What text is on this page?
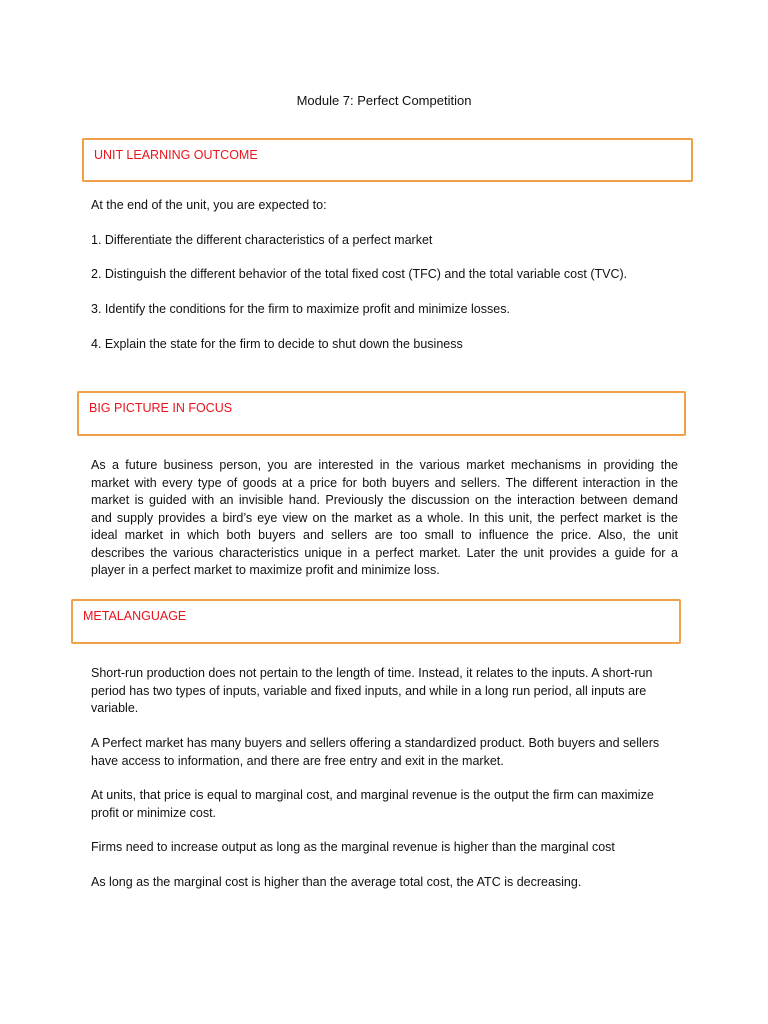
Module 7: Perfect Competition
UNIT LEARNING OUTCOME
At the end of the unit, you are expected to:
1. Differentiate the different characteristics of a perfect market
2. Distinguish the different behavior of the total fixed cost (TFC) and the total variable cost (TVC).
3. Identify the conditions for the firm to maximize profit and minimize losses.
4. Explain the state for the firm to decide to shut down the business
BIG PICTURE IN FOCUS
As a future business person, you are interested in the various market mechanisms in providing the
market with every type of goods at a price for both buyers and sellers. The different interaction in the
market is guided with an invisible hand. Previously the discussion on the interaction between demand
and supply provides a bird’s eye view on the market as a whole. In this unit, the perfect market is the
ideal market in which both buyers and sellers are too small to influence the price. Also, the unit
describes the various characteristics unique in a perfect market. Later the unit provides a guide for a
player in a perfect market to maximize profit and minimize loss.
METALANGUAGE
Short-run production does not pertain to the length of time. Instead, it relates to the inputs. A short-run
period has two types of inputs, variable and fixed inputs, and while in a long run period, all inputs are
variable.
A Perfect market has many buyers and sellers offering a standardized product. Both buyers and sellers
have access to information, and there are free entry and exit in the market.
At units, that price is equal to marginal cost, and marginal revenue is the output the firm can maximize
profit or minimize cost.
Firms need to increase output as long as the marginal revenue is higher than the marginal cost
As long as the marginal cost is higher than the average total cost, the ATC is decreasing.
